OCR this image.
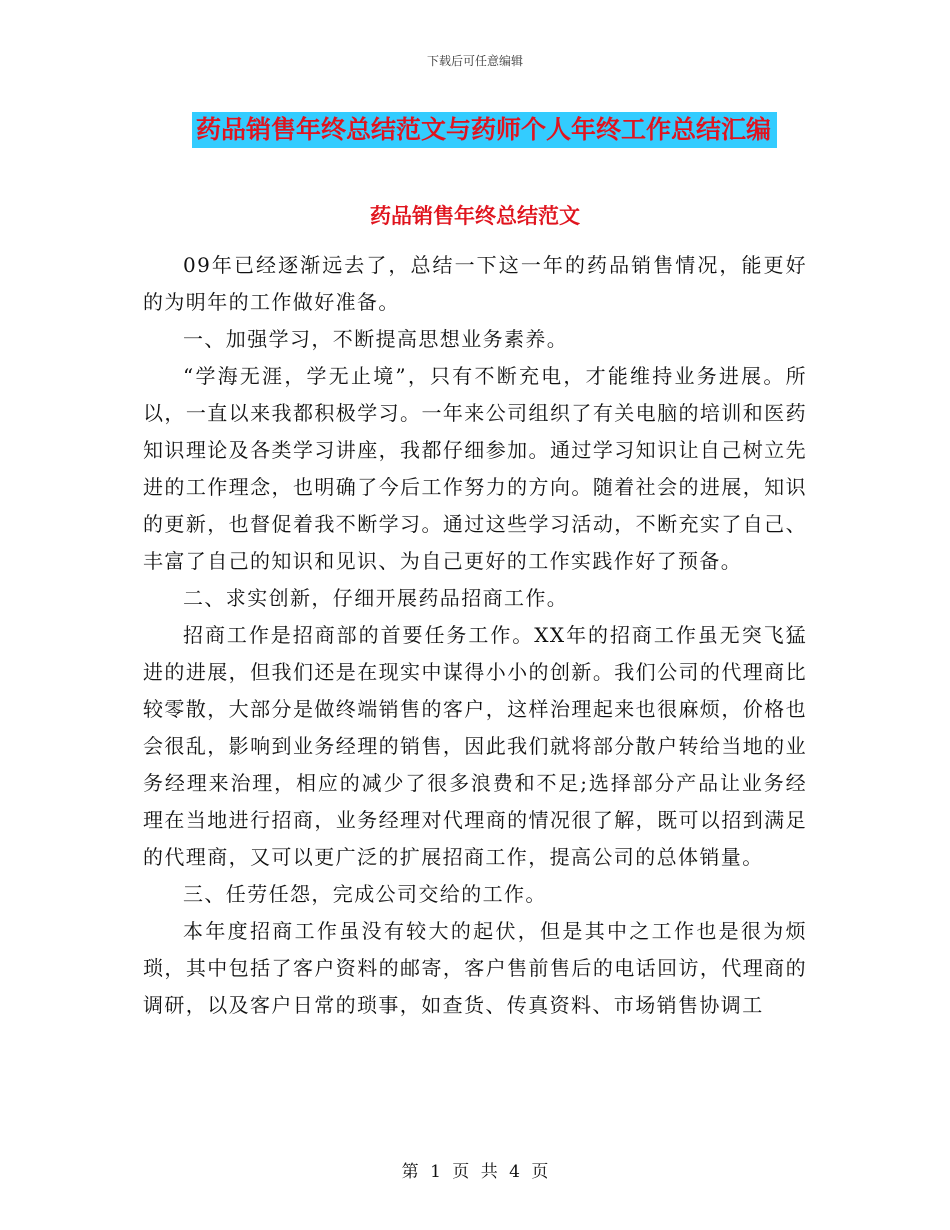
下载后可任意编辑
药品销售年终总结范文与药师个人年终工作总结汇编
药品销售年终总结范文

09年已经逐渐远去了，总结一下这一年的药品销售情况，能更好的为明年的工作做好准备。

一、加强学习，不断提高思想业务素养。

“学海无涯，学无止境”，只有不断充电，才能维持业务进展。所以，一直以来我都积极学习。一年来公司组织了有关电脑的培训和医药知识理论及各类学习讲座，我都仔细参加。通过学习知识让自己树立先进的工作理念，也明确了今后工作努力的方向。随着社会的进展，知识的更新，也督促着我不断学习。通过这些学习活动，不断充实了自己、丰富了自己的知识和见识、为自己更好的工作实践作好了预备。

二、求实创新，仔细开展药品招商工作。

招商工作是招商部的首要任务工作。XX年的招商工作虽无突飞猛进的进展，但我们还是在现实中谋得小小的创新。我们公司的代理商比较零散，大部分是做终端销售的客户，这样治理起来也很麻烦，价格也会很乱，影响到业务经理的销售，因此我们就将部分散户转给当地的业务经理来治理，相应的减少了很多浪费和不足;选择部分产品让业务经理在当地进行招商，业务经理对代理商的情况很了解，既可以招到满足的代理商，又可以更广泛的扩展招商工作，提高公司的总体销量。

三、任劳任怨，完成公司交给的工作。

本年度招商工作虽没有较大的起伏，但是其中之工作也是很为烦琐，其中包括了客户资料的邮寄，客户售前售后的电话回访，代理商的调研，以及客户日常的琐事，如查货、传真资料、市场销售协调工

第 1 页 共 4 页
